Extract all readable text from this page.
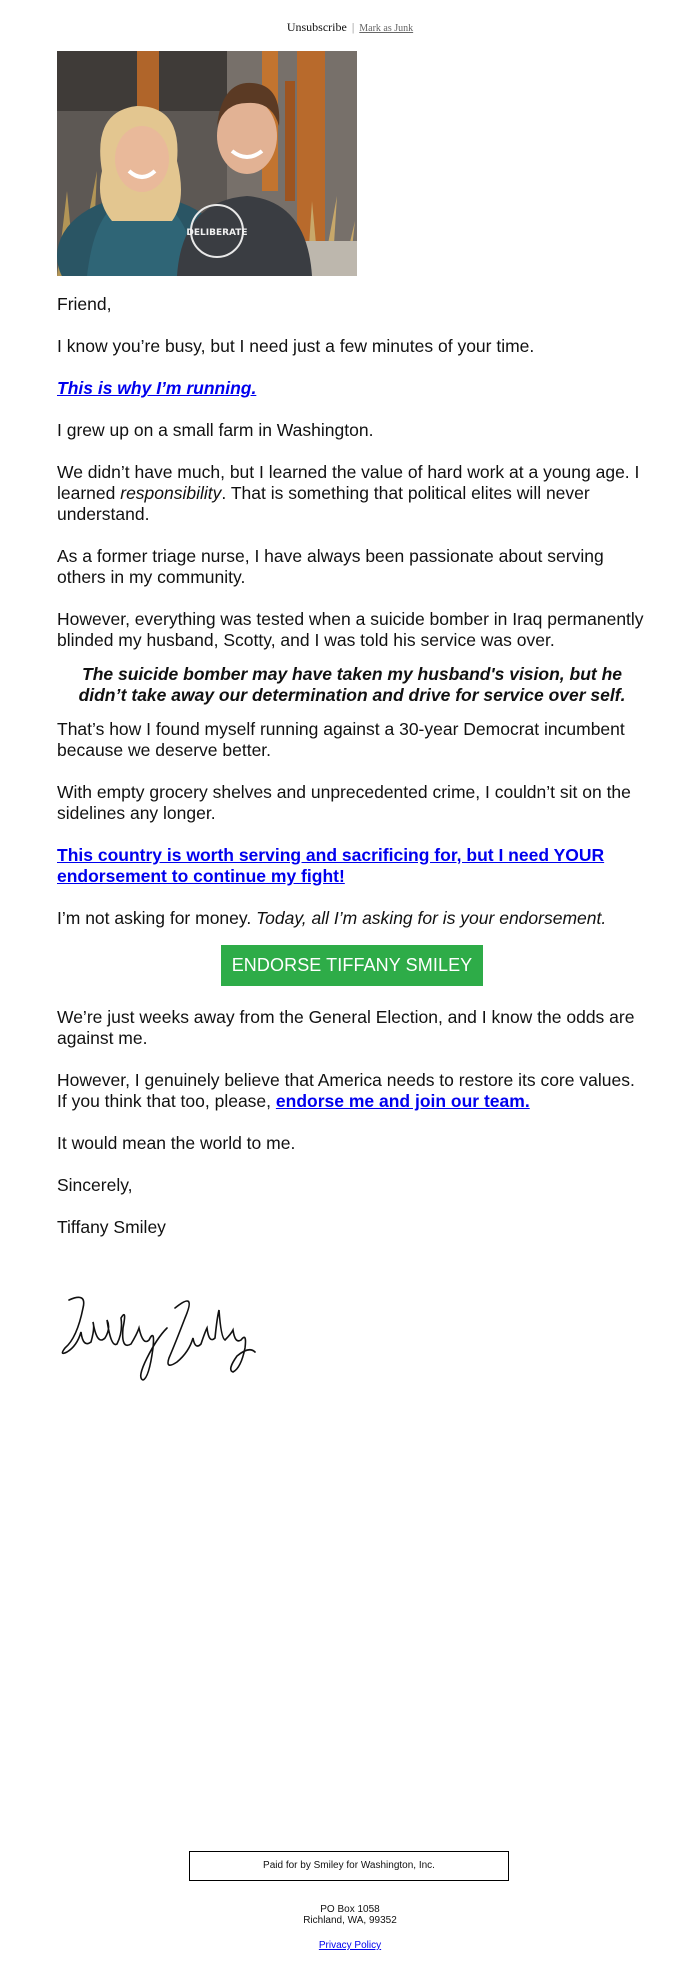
Unsubscribe | Mark as Junk
DELIBERATE

Friend,

I know you’re busy, but I need just a few minutes of your time.

This is why I’m running.

I grew up on a small farm in Washington.

We didn’t have much, but I learned the value of hard work at a young age. I learned responsibility. That is something that political elites will never understand.

As a former triage nurse, I have always been passionate about serving others in my community.

However, everything was tested when a suicide bomber in Iraq permanently blinded my husband, Scotty, and I was told his service was over.

The suicide bomber may have taken my husband's vision, but he didn’t take away our determination and drive for service over self.

That’s how I found myself running against a 30-year Democrat incumbent because we deserve better.

With empty grocery shelves and unprecedented crime, I couldn’t sit on the sidelines any longer.

This country is worth serving and sacrificing for, but I need YOUR endorsement to continue my fight!

I’m not asking for money. Today, all I’m asking for is your endorsement.

ENDORSE TIFFANY SMILEY

We’re just weeks away from the General Election, and I know the odds are against me.

However, I genuinely believe that America needs to restore its core values. If you think that too, please, endorse me and join our team.

It would mean the world to me.

Sincerely,

Tiffany Smiley

Paid for by Smiley for Washington, Inc.
PO Box 1058
Richland, WA, 99352
Privacy Policy
